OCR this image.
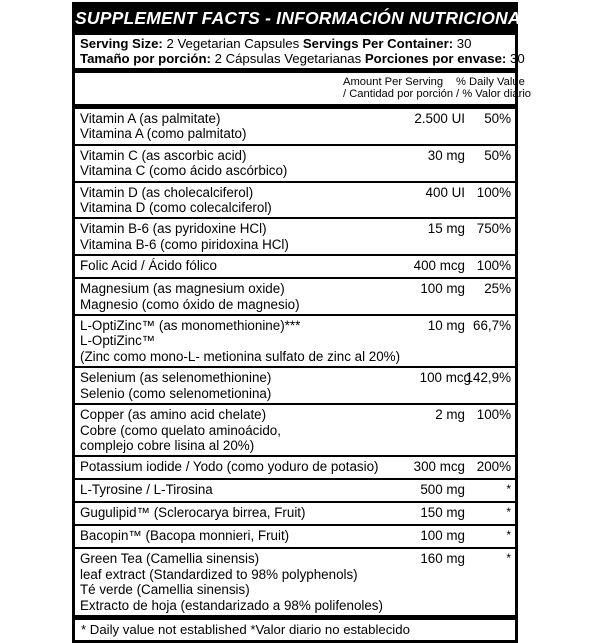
SUPPLEMENT FACTS - INFORMACIÓN NUTRICIONAL
Serving Size: 2 Vegetarian Capsules Servings Per Container: 30
Tamaño por porción: 2 Cápsulas Vegetarianas Porciones por envase: 30
Amount Per Serving
/ Cantidad por porción
% Daily Value
/ % Valor diario
Vitamin A (as palmitate)
Vitamina A (como palmitato)
2.500 UI	50%
Vitamin C (as ascorbic acid)
Vitamina C (como ácido ascórbico)
30 mg	50%
Vitamin D (as cholecalciferol)
Vitamina D (como colecalciferol)
400 UI 100%
Vitamin B-6 (as pyridoxine HCl)
Vitamina B-6 (como piridoxina HCl)
15 mg 750%
Folic Acid / Ácido fólico	400 mcg 100%
Magnesium (as magnesium oxide)
Magnesio (como óxido de magnesio)
100 mg	25%
L-OptiZinc™ (as monomethionine)***
L-OptiZinc™
(Zinc como mono-L- metionina sulfato de zinc al 20%)
10 mg 66,7%
Selenium (as selenomethionine)
Selenio (como selenometionina)
100 mcg
142,9%
Copper (as amino acid chelate)
Cobre (como quelato aminoácido,
complejo cobre lisina al 20%)
2 mg 100%
Potassium iodide / Yodo (como yoduro de potasio)	300 mcg 200%
L-Tyrosine / L-Tirosina	500 mg	*
Gugulipid™ (Sclerocarya birrea, Fruit)	150 mg	*
Bacopin™ (Bacopa monnieri, Fruit)	100 mg	*
Green Tea (Camellia sinensis)
leaf extract (Standardized to 98% polyphenols)
Té verde (Camellia sinensis)
Extracto de hoja (estandarizado a 98% polifenoles)
160 mg	*
* Daily value not established *Valor diario no establecido
